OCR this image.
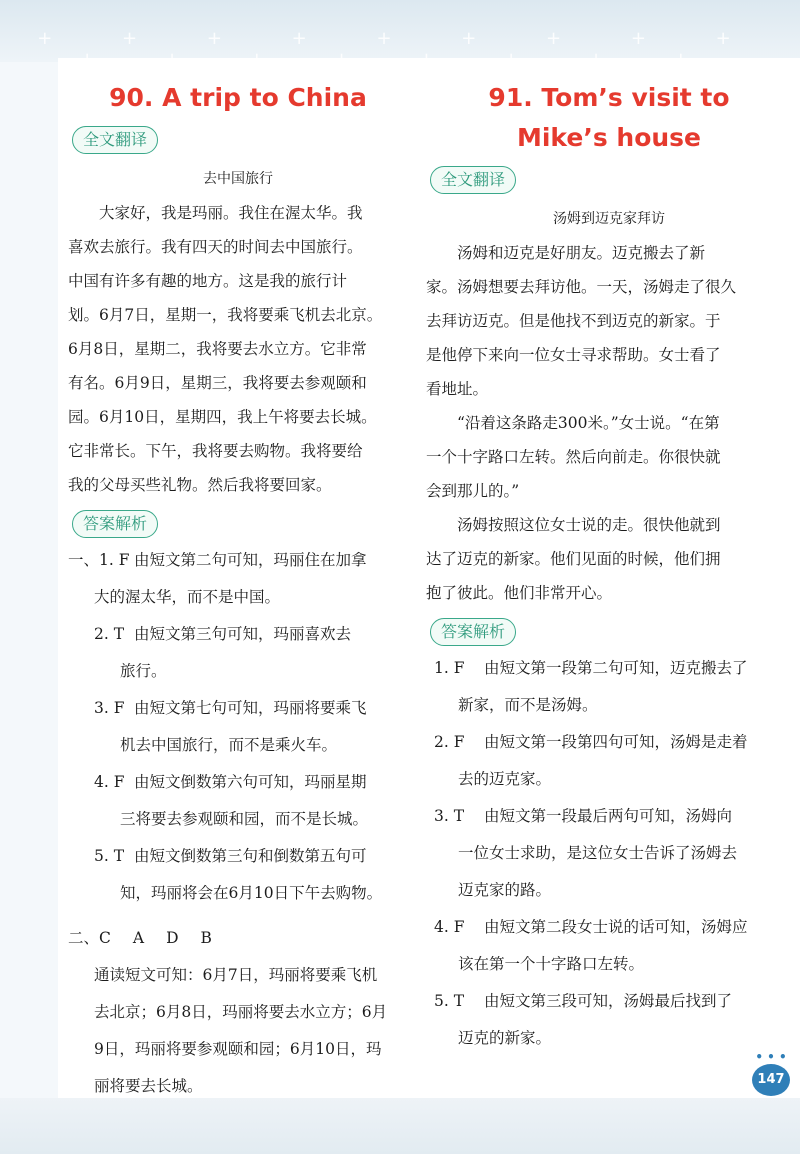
+ + + + + + + + +
90. A trip to China
全文翻译

去中国旅行

大家好，我是玛丽。我住在渥太华。我

喜欢去旅行。我有四天的时间去中国旅行。

中国有许多有趣的地方。这是我的旅行计

划。6月7日，星期一，我将要乘飞机去北京。

6月8日，星期二，我将要去水立方。它非常

有名。6月9日，星期三，我将要去参观颐和

园。6月10日，星期四，我上午将要去长城。

它非常长。下午，我将要去购物。我将要给

我的父母买些礼物。然后我将要回家。

答案解析

一、1. F 由短文第二句可知，玛丽住在加拿

大的渥太华，而不是中国。

2. T 由短文第三句可知，玛丽喜欢去

旅行。

3. F 由短文第七句可知，玛丽将要乘飞

机去中国旅行，而不是乘火车。

4. F 由短文倒数第六句可知，玛丽星期

三将要去参观颐和园，而不是长城。

5. T 由短文倒数第三句和倒数第五句可

知，玛丽将会在6月10日下午去购物。

二、C A D B

通读短文可知：6月7日，玛丽将要乘飞机

去北京；6月8日，玛丽将要去水立方；6月

9日，玛丽将要参观颐和园；6月10日，玛

丽将要去长城。

91. Tom’s visit to
Mike’s house
全文翻译

汤姆到迈克家拜访

汤姆和迈克是好朋友。迈克搬去了新

家。汤姆想要去拜访他。一天，汤姆走了很久

去拜访迈克。但是他找不到迈克的新家。于

是他停下来向一位女士寻求帮助。女士看了

看地址。

“沿着这条路走300米。”女士说。“在第

一个十字路口左转。然后向前走。你很快就

会到那儿的。”

汤姆按照这位女士说的走。很快他就到

达了迈克的新家。他们见面的时候，他们拥

抱了彼此。他们非常开心。

答案解析

1. F	由短文第一段第二句可知，迈克搬去了

新家，而不是汤姆。

2. F	由短文第一段第四句可知，汤姆是走着

去的迈克家。

3. T	由短文第一段最后两句可知，汤姆向

一位女士求助，是这位女士告诉了汤姆去

迈克家的路。

4. F	由短文第二段女士说的话可知，汤姆应

该在第一个十字路口左转。

5. T	由短文第三段可知，汤姆最后找到了

迈克的新家。

• • • 147
